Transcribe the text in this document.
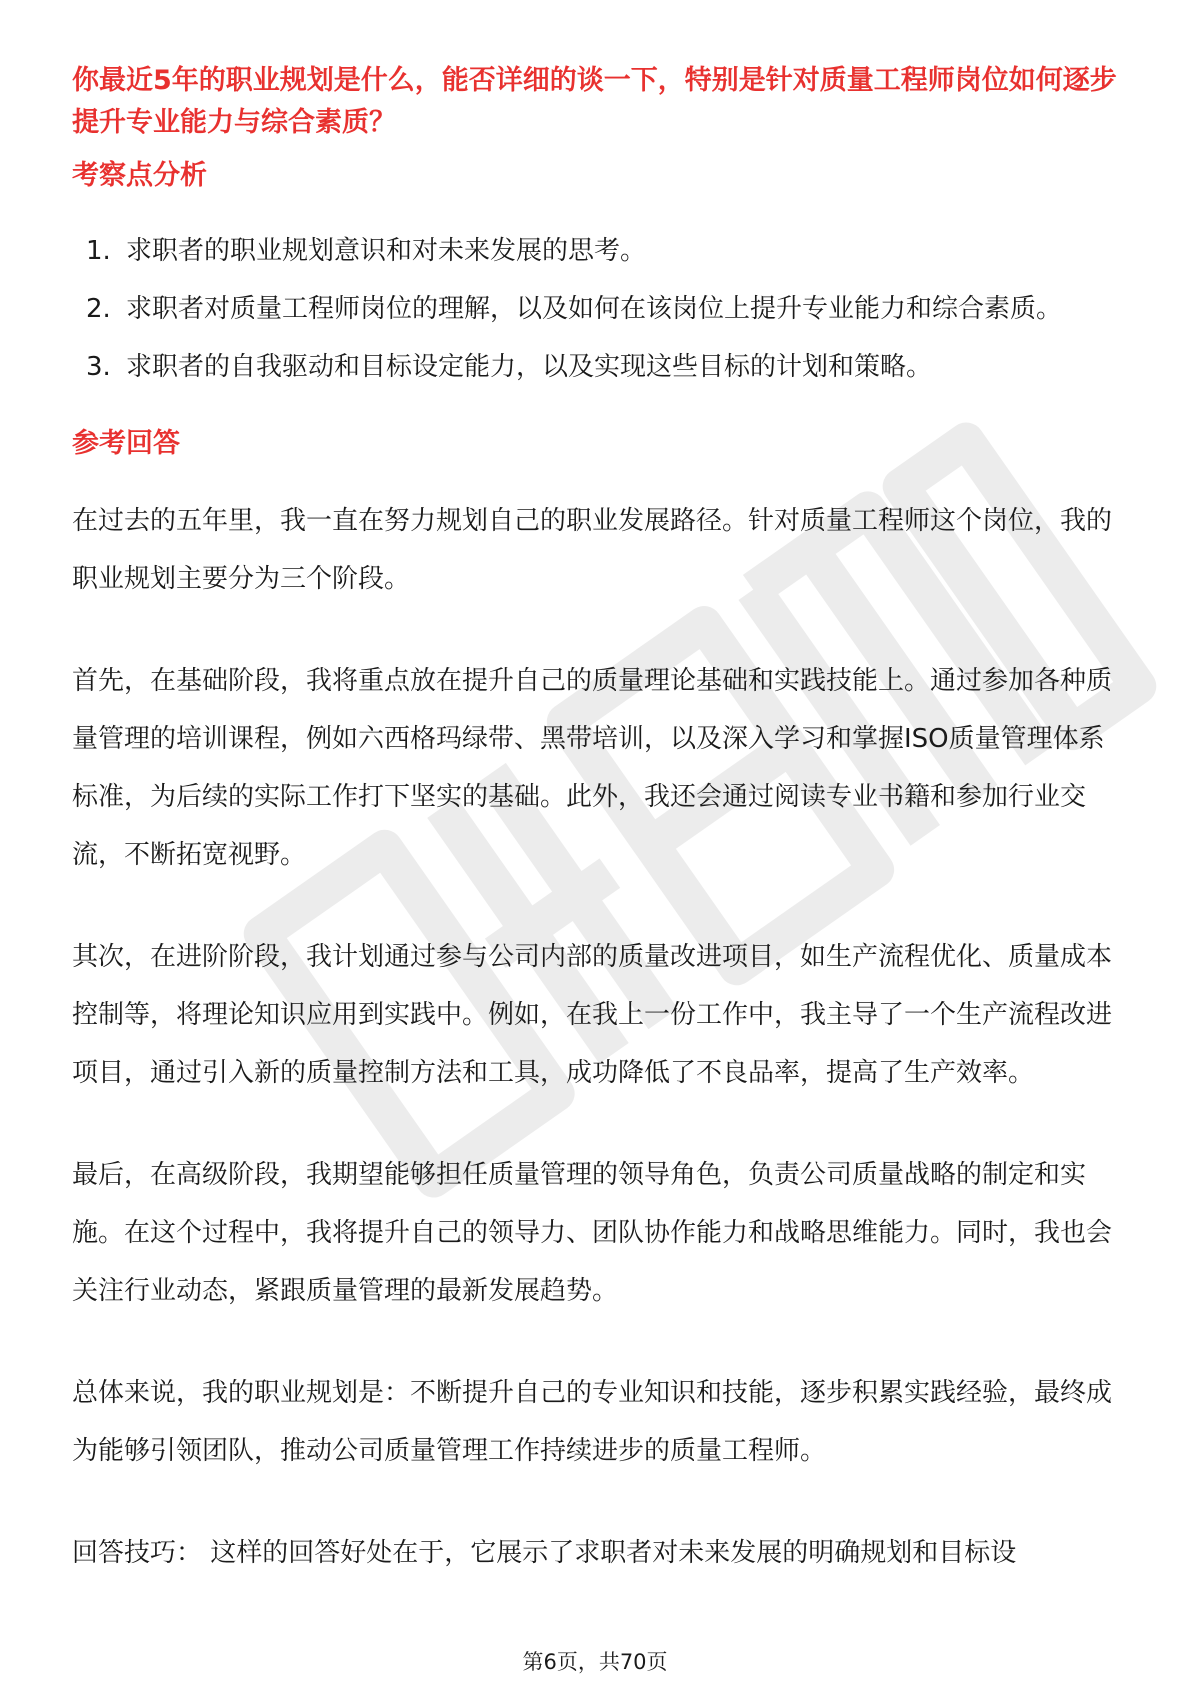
你最近5年的职业规划是什么，能否详细的谈一下，特别是针对质量工程师岗位如何逐步提升专业能力与综合素质？

考察点分析

1. 求职者的职业规划意识和对未来发展的思考。
2. 求职者对质量工程师岗位的理解，以及如何在该岗位上提升专业能力和综合素质。
3. 求职者的自我驱动和目标设定能力，以及实现这些目标的计划和策略。

参考回答

在过去的五年里，我一直在努力规划自己的职业发展路径。针对质量工程师这个岗位，我的职业规划主要分为三个阶段。

首先，在基础阶段，我将重点放在提升自己的质量理论基础和实践技能上。通过参加各种质量管理的培训课程，例如六西格玛绿带、黑带培训，以及深入学习和掌握ISO质量管理体系标准，为后续的实际工作打下坚实的基础。此外，我还会通过阅读专业书籍和参加行业交流，不断拓宽视野。

其次，在进阶阶段，我计划通过参与公司内部的质量改进项目，如生产流程优化、质量成本控制等，将理论知识应用到实践中。例如，在我上一份工作中，我主导了一个生产流程改进项目，通过引入新的质量控制方法和工具，成功降低了不良品率，提高了生产效率。

最后，在高级阶段，我期望能够担任质量管理的领导角色，负责公司质量战略的制定和实施。在这个过程中，我将提升自己的领导力、团队协作能力和战略思维能力。同时，我也会关注行业动态，紧跟质量管理的最新发展趋势。

总体来说，我的职业规划是：不断提升自己的专业知识和技能，逐步积累实践经验，最终成为能够引领团队，推动公司质量管理工作持续进步的质量工程师。

回答技巧： 这样的回答好处在于，它展示了求职者对未来发展的明确规划和目标设

第6页，共70页
